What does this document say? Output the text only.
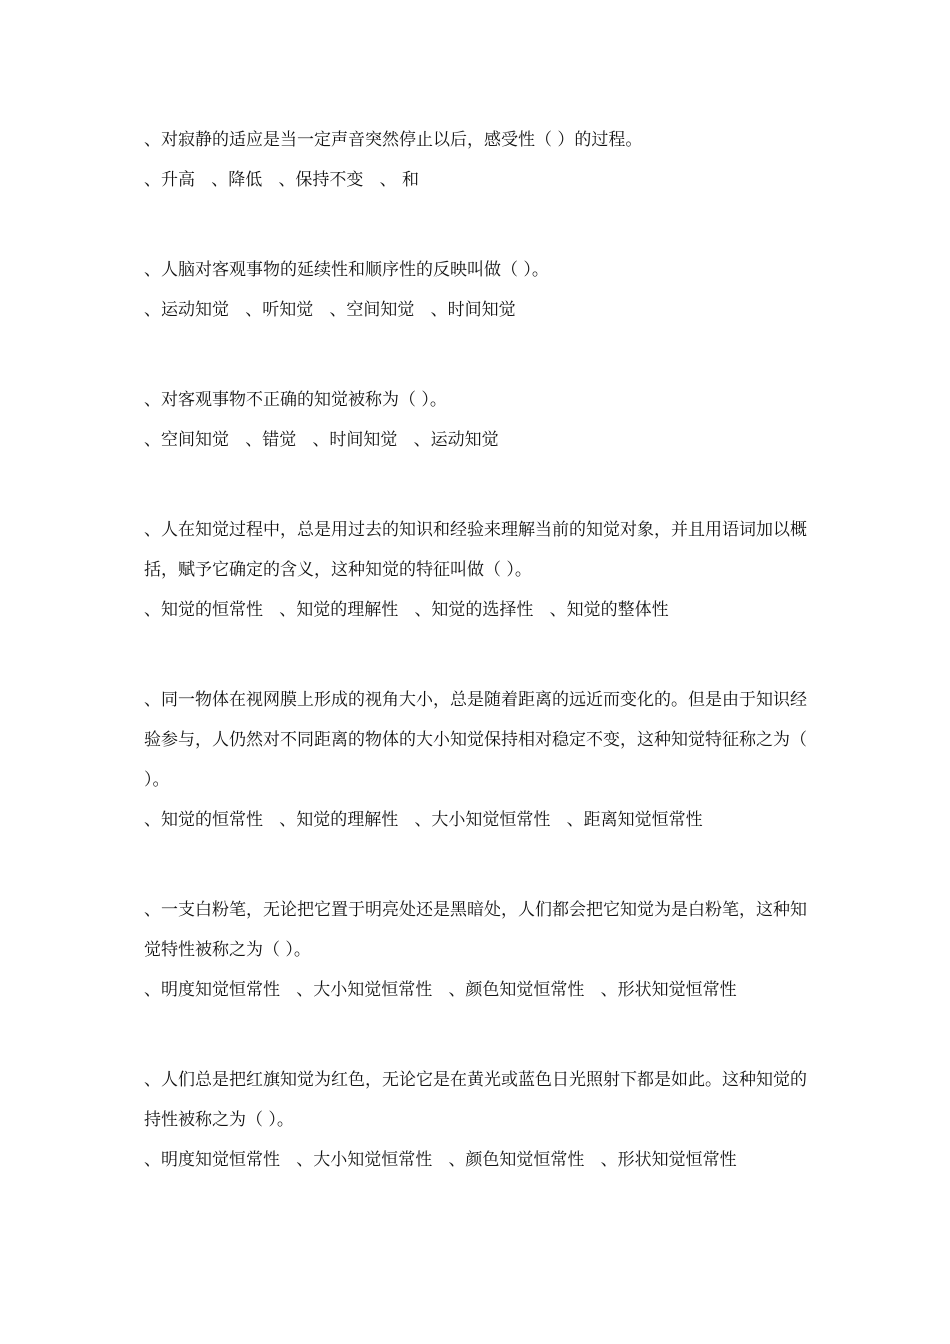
、对寂静的适应是当一定声音突然停止以后，感受性（ ）的过程。

、升高 、降低 、保持不变 、 和

、人脑对客观事物的延续性和顺序性的反映叫做（ ）。

、运动知觉 、听知觉 、空间知觉 、时间知觉

、对客观事物不正确的知觉被称为（ ）。

、空间知觉 、错觉 、时间知觉 、运动知觉

、人在知觉过程中，总是用过去的知识和经验来理解当前的知觉对象，并且用语词加以概括，赋予它确定的含义，这种知觉的特征叫做（ ）。

、知觉的恒常性 、知觉的理解性 、知觉的选择性 、知觉的整体性

、同一物体在视网膜上形成的视角大小，总是随着距离的远近而变化的。但是由于知识经验参与，人仍然对不同距离的物体的大小知觉保持相对稳定不变，这种知觉特征称之为（ ）。

、知觉的恒常性 、知觉的理解性 、大小知觉恒常性 、距离知觉恒常性

、一支白粉笔，无论把它置于明亮处还是黑暗处，人们都会把它知觉为是白粉笔，这种知觉特性被称之为（ ）。

、明度知觉恒常性 、大小知觉恒常性 、颜色知觉恒常性 、形状知觉恒常性

、人们总是把红旗知觉为红色，无论它是在黄光或蓝色日光照射下都是如此。这种知觉的持性被称之为（ ）。

、明度知觉恒常性 、大小知觉恒常性 、颜色知觉恒常性 、形状知觉恒常性
